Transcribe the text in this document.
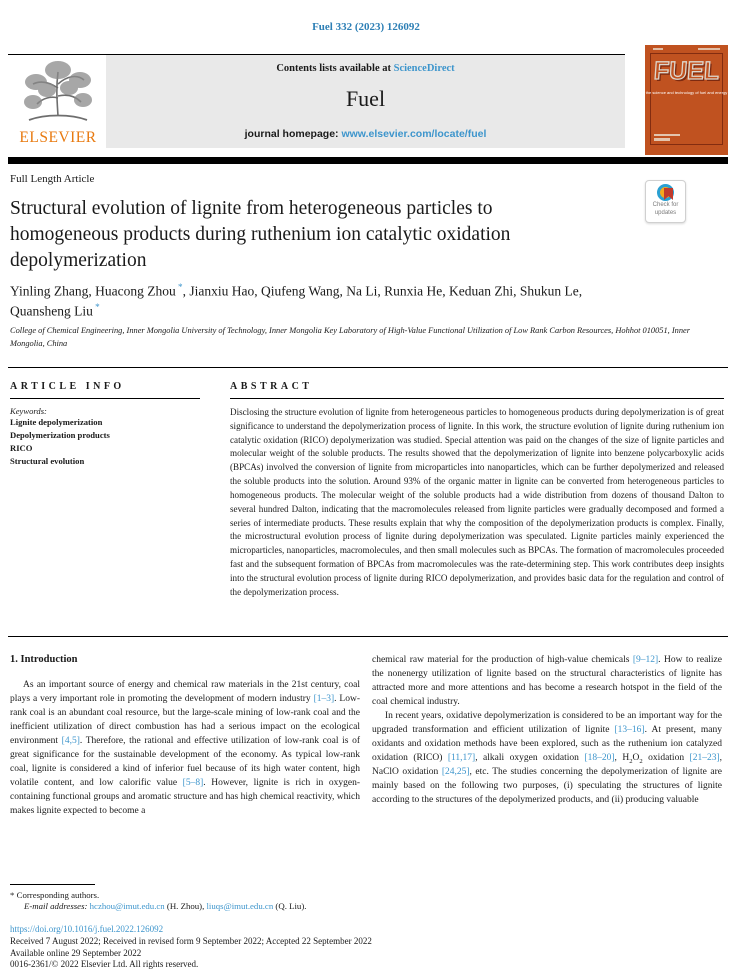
Fuel 332 (2023) 126092
ELSEVIER
Contents lists available at ScienceDirect
Fuel
journal homepage: www.elsevier.com/locate/fuel
FUEL
the science and technology of fuel and energy
Full Length Article
Structural evolution of lignite from heterogeneous particles to homogeneous products during ruthenium ion catalytic oxidation depolymerization
Check for
updates
Yinling Zhang, Huacong Zhou *, Jianxiu Hao, Qiufeng Wang, Na Li, Runxia He, Keduan Zhi, Shukun Le, Quansheng Liu *
College of Chemical Engineering, Inner Mongolia University of Technology, Inner Mongolia Key Laboratory of High-Value Functional Utilization of Low Rank Carbon Resources, Hohhot 010051, Inner Mongolia, China
ARTICLE INFO
Keywords:
Lignite depolymerization
Depolymerization products
RICO
Structural evolution
ABSTRACT
Disclosing the structure evolution of lignite from heterogeneous particles to homogeneous products during depolymerization is of great significance to understand the depolymerization process of lignite. In this work, the structure evolution of lignite during ruthenium ion catalytic oxidation (RICO) depolymerization was studied. Special attention was paid on the changes of the size of lignite particles and molecular weight of the soluble products. The results showed that the depolymerization of lignite into benzene polycarboxylic acids (BPCAs) involved the conversion of lignite from microparticles into nanoparticles, which can be further depolymerized and released the soluble products into the solution. Around 93% of the organic matter in lignite can be converted from heterogeneous particles to homogeneous products. The molecular weight of the soluble products had a wide distribution from dozens of thousand Dalton to several hundred Dalton, indicating that the macromolecules released from lignite particles were gradually decomposed and formed a series of intermediate products. These results explain that why the composition of the depolymerization products is complex. Finally, the microstructural evolution process of lignite during depolymerization was speculated. Lignite particles mainly experienced the microparticles, nanoparticles, macromolecules, and then small molecules such as BPCAs. The formation of macromolecules proceeded fast and the subsequent formation of BPCAs from macromolecules was the rate-determining step. This work contributes deep insights into the structural evolution process of lignite during RICO depolymerization, and provides basic data for the regulation and control of the depolymerization process.
1. Introduction

As an important source of energy and chemical raw materials in the 21st century, coal plays a very important role in promoting the development of modern industry [1–3]. Low-rank coal is an abundant coal resource, but the large-scale mining of low-rank coal and the inefficient utilization of direct combustion has had a serious impact on the ecological environment [4,5]. Therefore, the rational and effective utilization of low-rank coal is of great significance for the sustainable development of the economy. As typical low-rank coal, lignite is considered a kind of inferior fuel because of its high water content, high volatile content, and low calorific value [5–8]. However, lignite is rich in oxygen-containing functional groups and aromatic structure and has high chemical reactivity, which makes lignite expected to become a

chemical raw material for the production of high-value chemicals [9–12]. How to realize the nonenergy utilization of lignite based on the structural characteristics of lignite has attracted more and more attentions and has become a research hotspot in the field of the coal chemical industry.

In recent years, oxidative depolymerization is considered to be an important way for the upgraded transformation and efficient utilization of lignite [13–16]. At present, many oxidants and oxidation methods have been explored, such as the ruthenium ion catalyzed oxidation (RICO) [11,17], alkali oxygen oxidation [18–20], $H_2O_2$ oxidation [21–23], NaClO oxidation [24,25], etc. The studies concerning the depolymerization of lignite are mainly based on the following two purposes, (i) speculating the structures of lignite according to the structures of the depolymerized products, and (ii) producing valuable

* Corresponding authors.
E-mail addresses: hczhou@imut.edu.cn (H. Zhou), liuqs@imut.edu.cn (Q. Liu).
https://doi.org/10.1016/j.fuel.2022.126092
Received 7 August 2022; Received in revised form 9 September 2022; Accepted 22 September 2022
Available online 29 September 2022
0016-2361/© 2022 Elsevier Ltd. All rights reserved.
